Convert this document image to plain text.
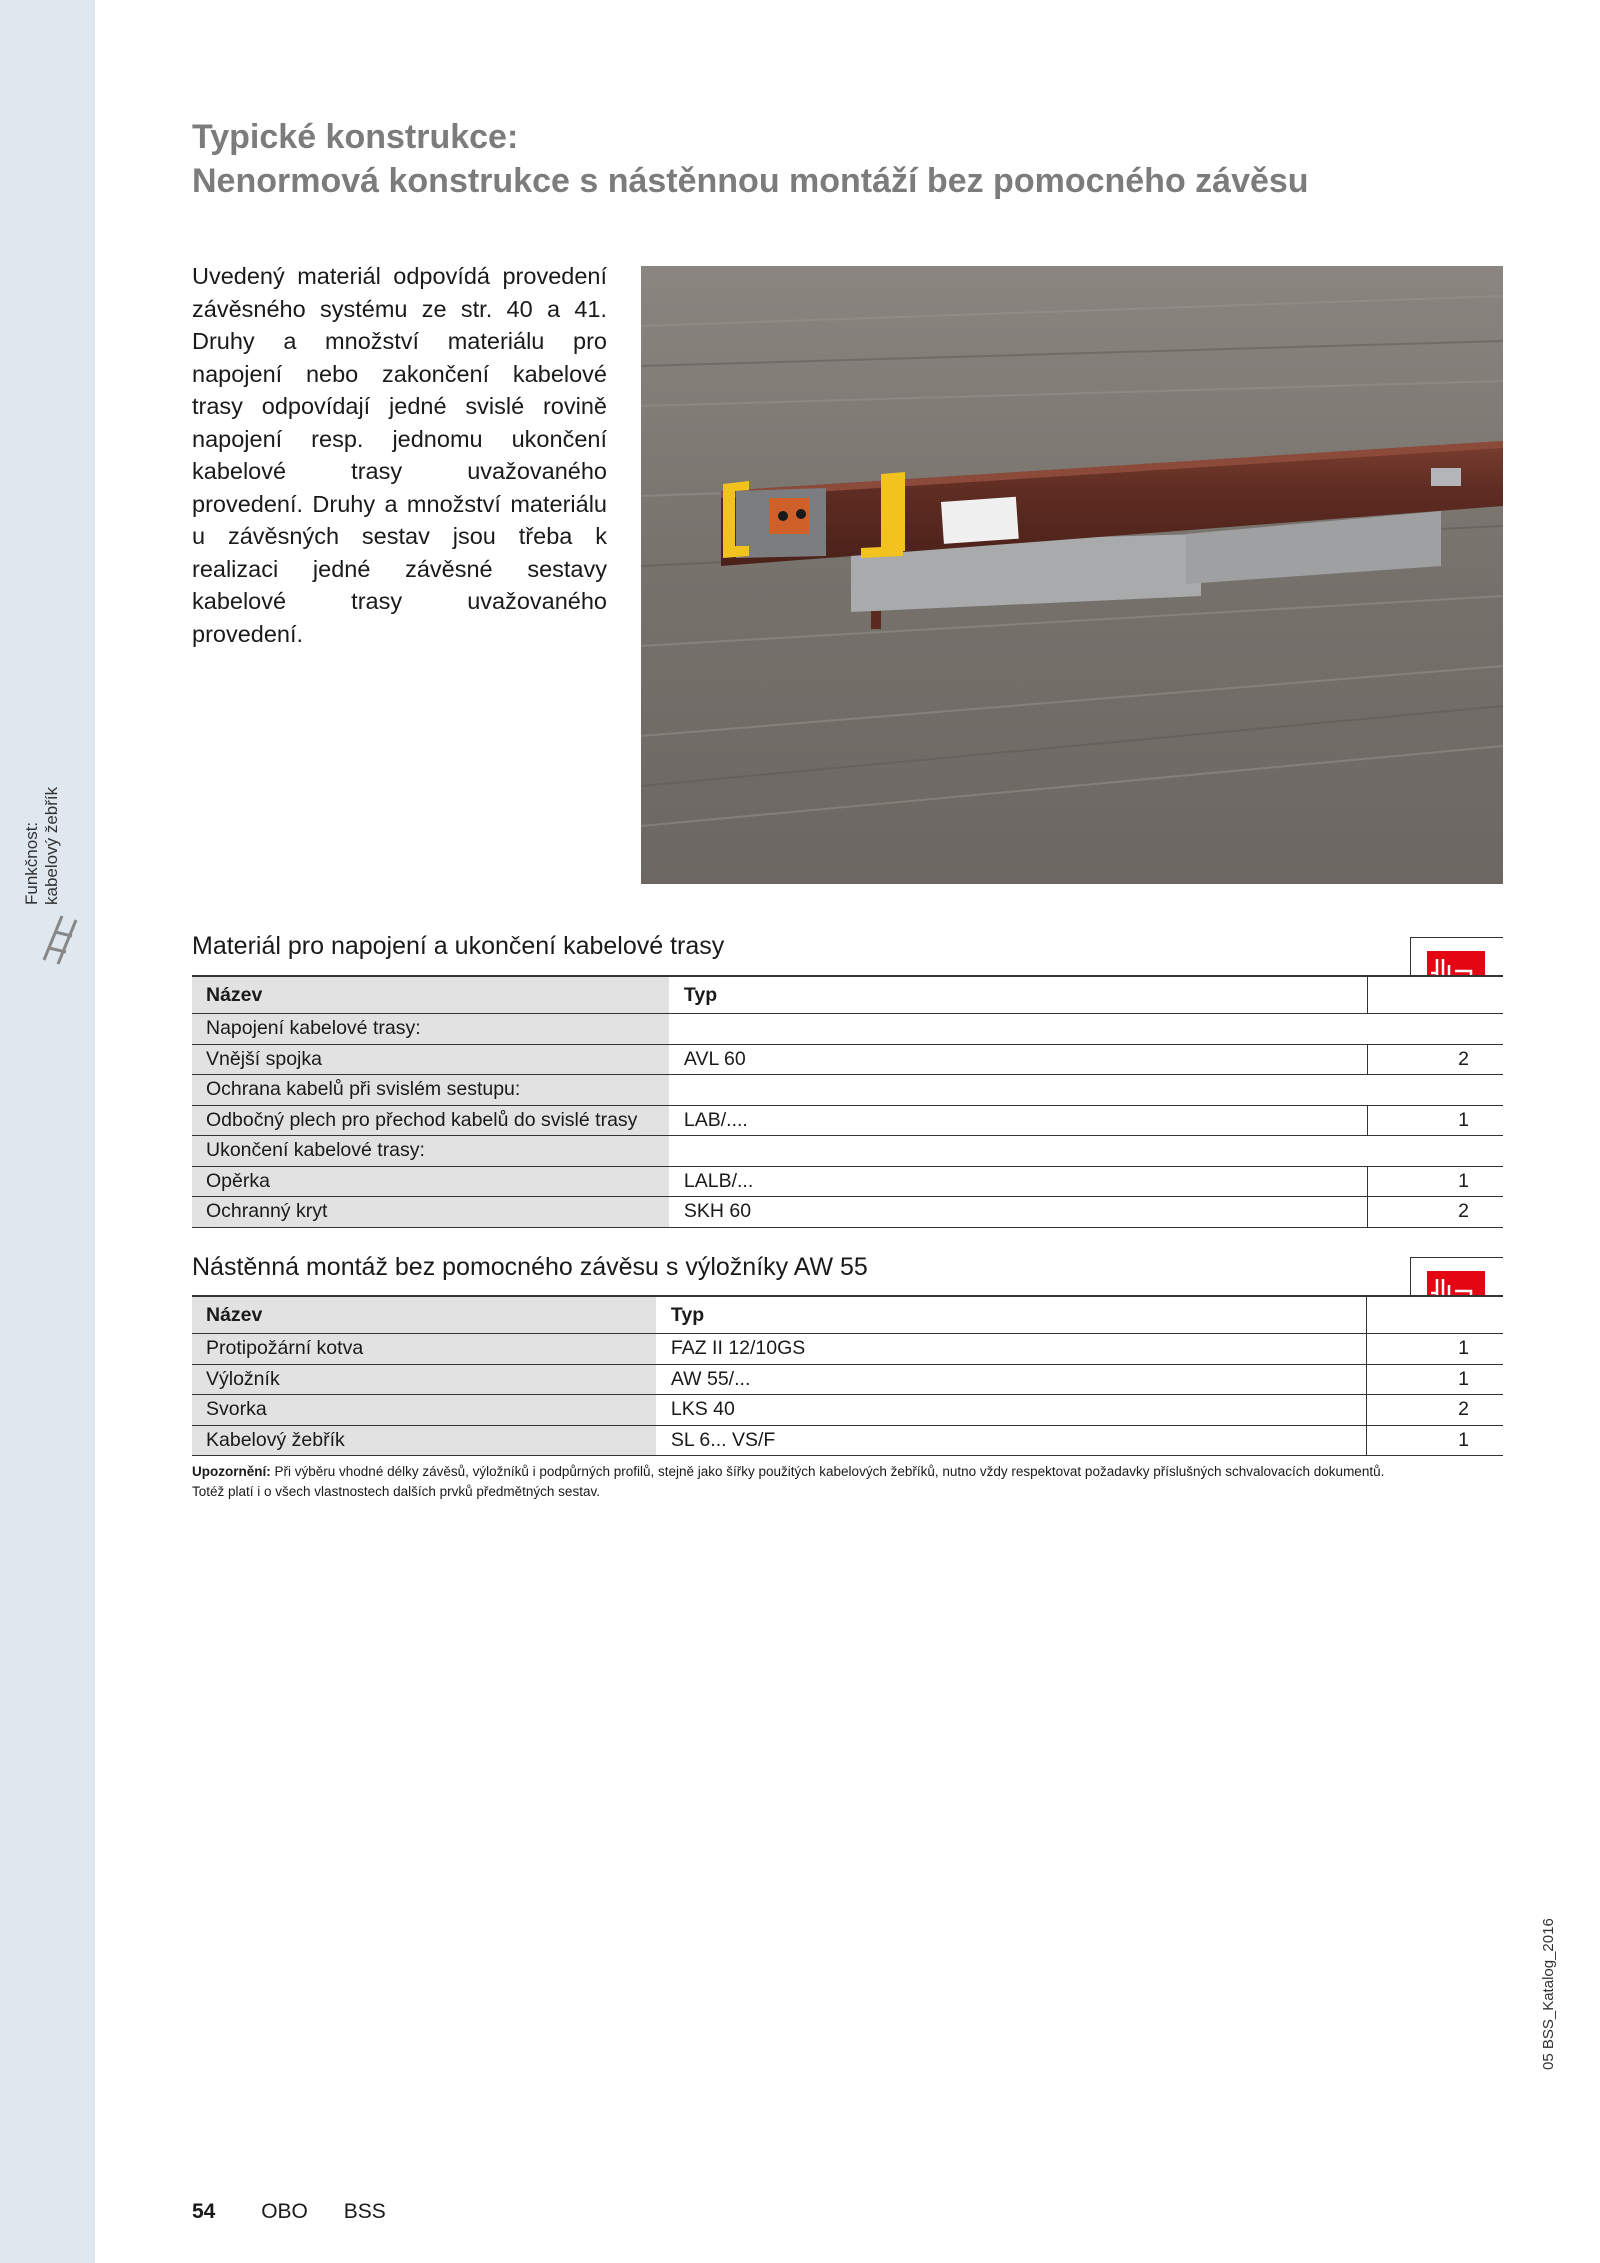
Funkčnost: kabelový žebřík
Typické konstrukce:
Nenormová konstrukce s nástěnnou montáží bez pomocného závěsu
Uvedený materiál odpovídá provedení závěsného systému ze str. 40 a 41. Druhy a množství materiálu pro napojení nebo zakončení kabelové trasy odpovídají jedné svislé rovině napojení resp. jednomu ukončení kabelové trasy uvažovaného provedení. Druhy a množství materiálu u závěsných sestav jsou třeba k realizaci jedné závěsné sestavy kabelové trasy uvažovaného provedení.
Materiál pro napojení a ukončení kabelové trasy
Název	Typ	
Napojení kabelové trasy:		
Vnější spojka	AVL 60	2
Ochrana kabelů při svislém sestupu:		
Odbočný plech pro přechod kabelů do svislé trasy	LAB/....	1
Ukončení kabelové trasy:		
Opěrka	LALB/...	1
Ochranný kryt	SKH 60	2
Nástěnná montáž bez pomocného závěsu s výložníky AW 55
Název	Typ	
Protipožární kotva	FAZ II 12/10GS	1
Výložník	AW 55/...	1
Svorka	LKS 40	2
Kabelový žebřík	SL 6... VS/F	1
Upozornění: Při výběru vhodné délky závěsů, výložníků i podpůrných profilů, stejně jako šířky použitých kabelových žebříků, nutno vždy respektovat požadavky příslušných schvalovacích dokumentů.
Totéž platí i o všech vlastnostech dalších prvků předmětných sestav.
05 BSS_Katalog_2016
54 OBO BSS
